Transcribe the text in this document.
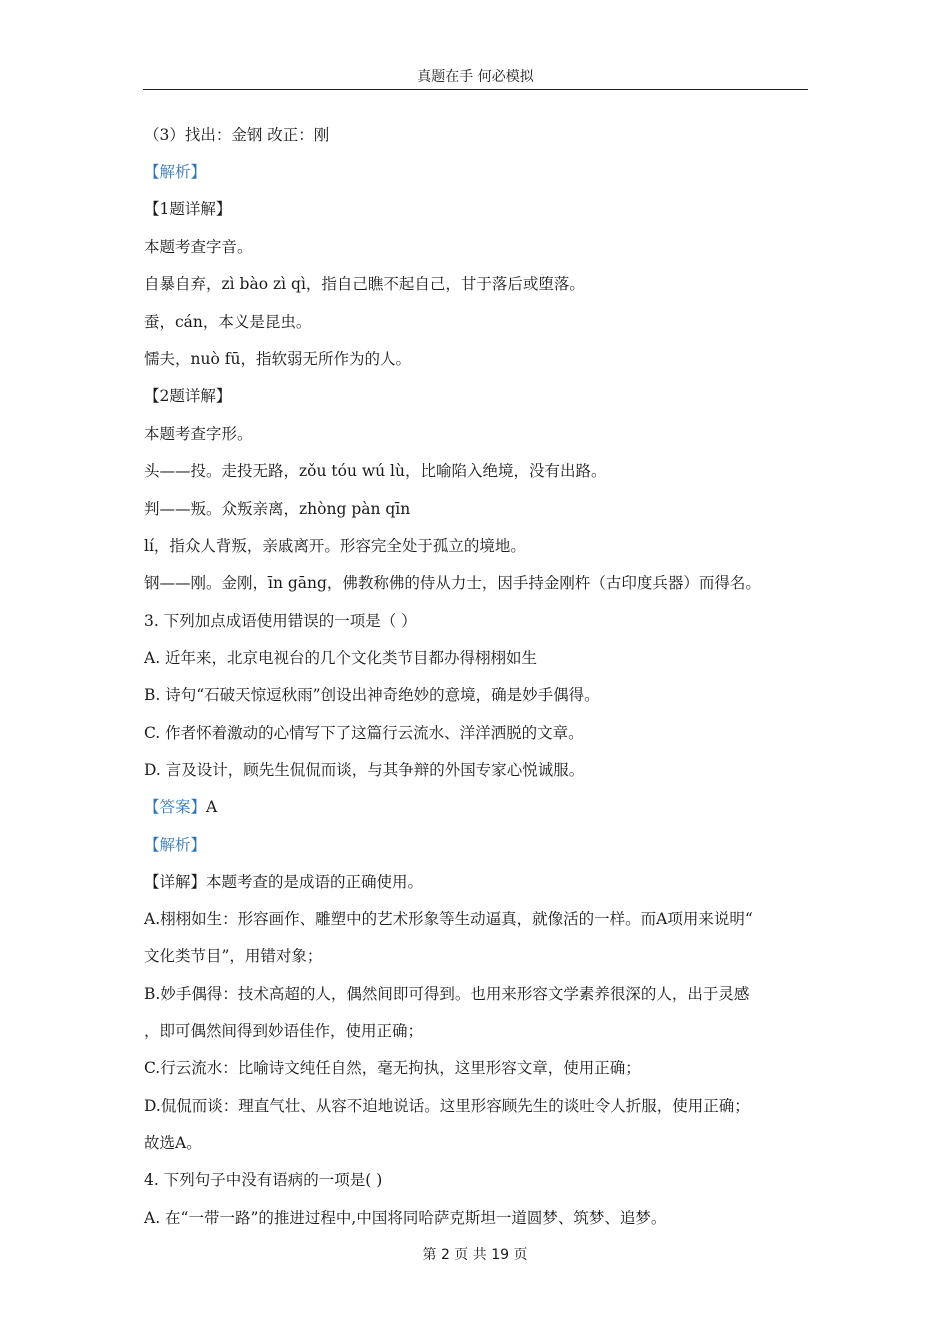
真题在手 何必模拟
（3）找出：金钢 改正：刚
【解析】
【1题详解】
本题考查字音。
自暴自弃，zì bào zì qì，指自己瞧不起自己，甘于落后或堕落。
蚕，cán，本义是昆虫。
懦夫，nuò fū，指软弱无所作为的人。
【2题详解】
本题考查字形。
头——投。走投无路，zǒu tóu wú lù，比喻陷入绝境，没有出路。
判——叛。众叛亲离，zhòng pàn qīn
lí，指众人背叛，亲戚离开。形容完全处于孤立的境地。
钢——刚。金刚，īn gāng，佛教称佛的侍从力士，因手持金刚杵（古印度兵器）而得名。
3. 下列加点成语使用错误的一项是（ ）
A. 近年来，北京电视台的几个文化类节目都办得栩栩如生
B. 诗句“石破天惊逗秋雨”创设出神奇绝妙的意境，确是妙手偶得。
C. 作者怀着激动的心情写下了这篇行云流水、洋洋洒脱的文章。
D. 言及设计，顾先生侃侃而谈，与其争辩的外国专家心悦诚服。
【答案】A
【解析】
【详解】本题考查的是成语的正确使用。
A.栩栩如生：形容画作、雕塑中的艺术形象等生动逼真，就像活的一样。而A项用来说明“
文化类节目”，用错对象；
B.妙手偶得：技术高超的人，偶然间即可得到。也用来形容文学素养很深的人，出于灵感
，即可偶然间得到妙语佳作，使用正确；
C.行云流水：比喻诗文纯任自然，毫无拘执，这里形容文章，使用正确；
D.侃侃而谈：理直气壮、从容不迫地说话。这里形容顾先生的谈吐令人折服，使用正确；
故选A。
4. 下列句子中没有语病的一项是( )
A. 在“一带一路”的推进过程中,中国将同哈萨克斯坦一道圆梦、筑梦、追梦。
第 2 页 共 19 页
